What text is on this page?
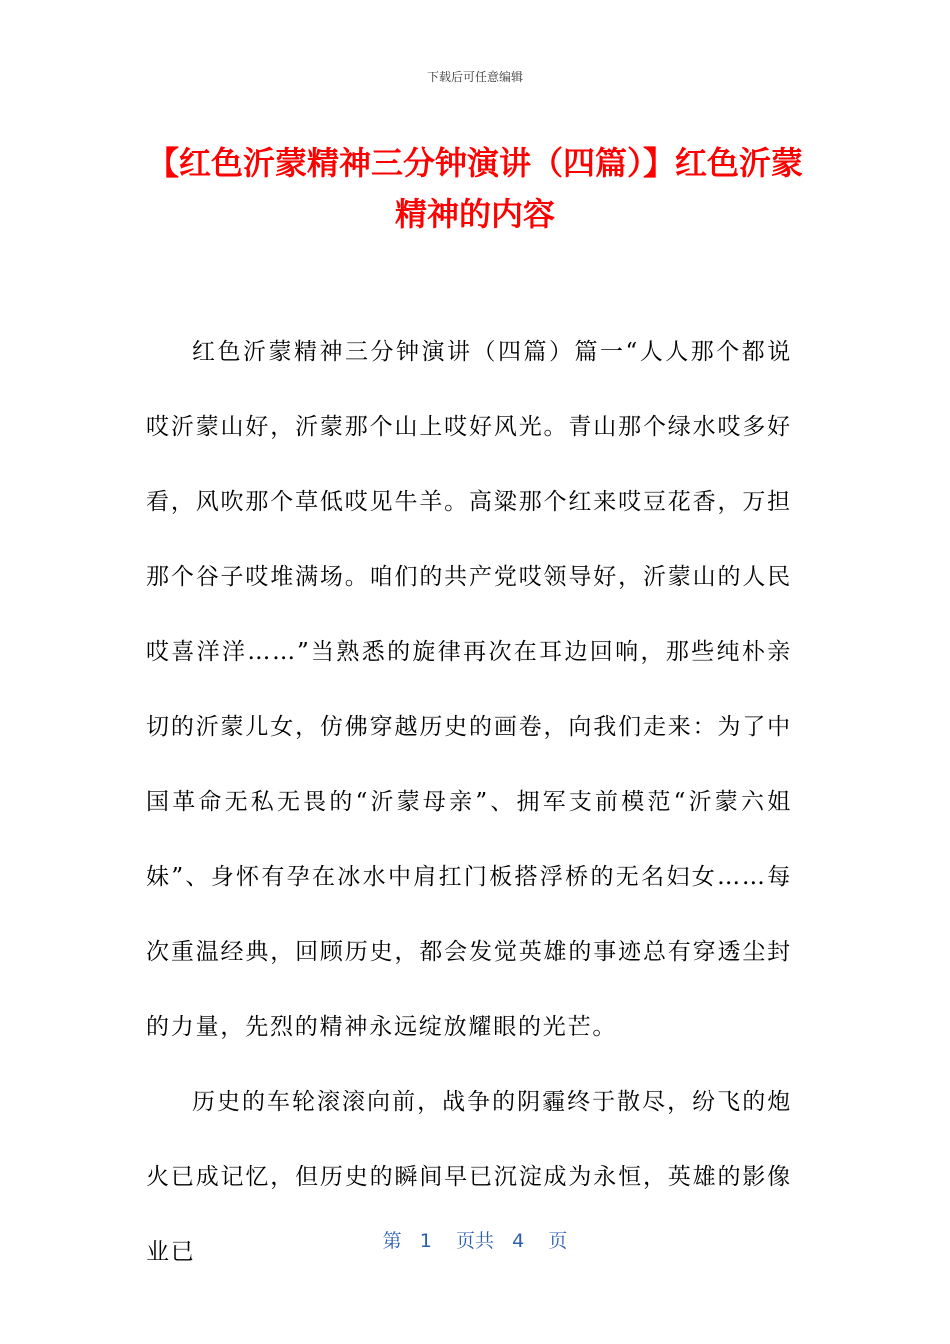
下载后可任意编辑
【红色沂蒙精神三分钟演讲（四篇）】红色沂蒙精神的内容

红色沂蒙精神三分钟演讲（四篇）篇一“人人那个都说哎沂蒙山好，沂蒙那个山上哎好风光。青山那个绿水哎多好看，风吹那个草低哎见牛羊。高粱那个红来哎豆花香，万担那个谷子哎堆满场。咱们的共产党哎领导好，沂蒙山的人民哎喜洋洋……”当熟悉的旋律再次在耳边回响，那些纯朴亲切的沂蒙儿女，仿佛穿越历史的画卷，向我们走来：为了中国革命无私无畏的“沂蒙母亲”、拥军支前模范“沂蒙六姐妹”、身怀有孕在冰水中肩扛门板搭浮桥的无名妇女……每次重温经典，回顾历史，都会发觉英雄的事迹总有穿透尘封的力量，先烈的精神永远绽放耀眼的光芒。

历史的车轮滚滚向前，战争的阴霾终于散尽，纷飞的炮火已成记忆，但历史的瞬间早已沉淀成为永恒，英雄的影像业已	第 1 页共 4 页
